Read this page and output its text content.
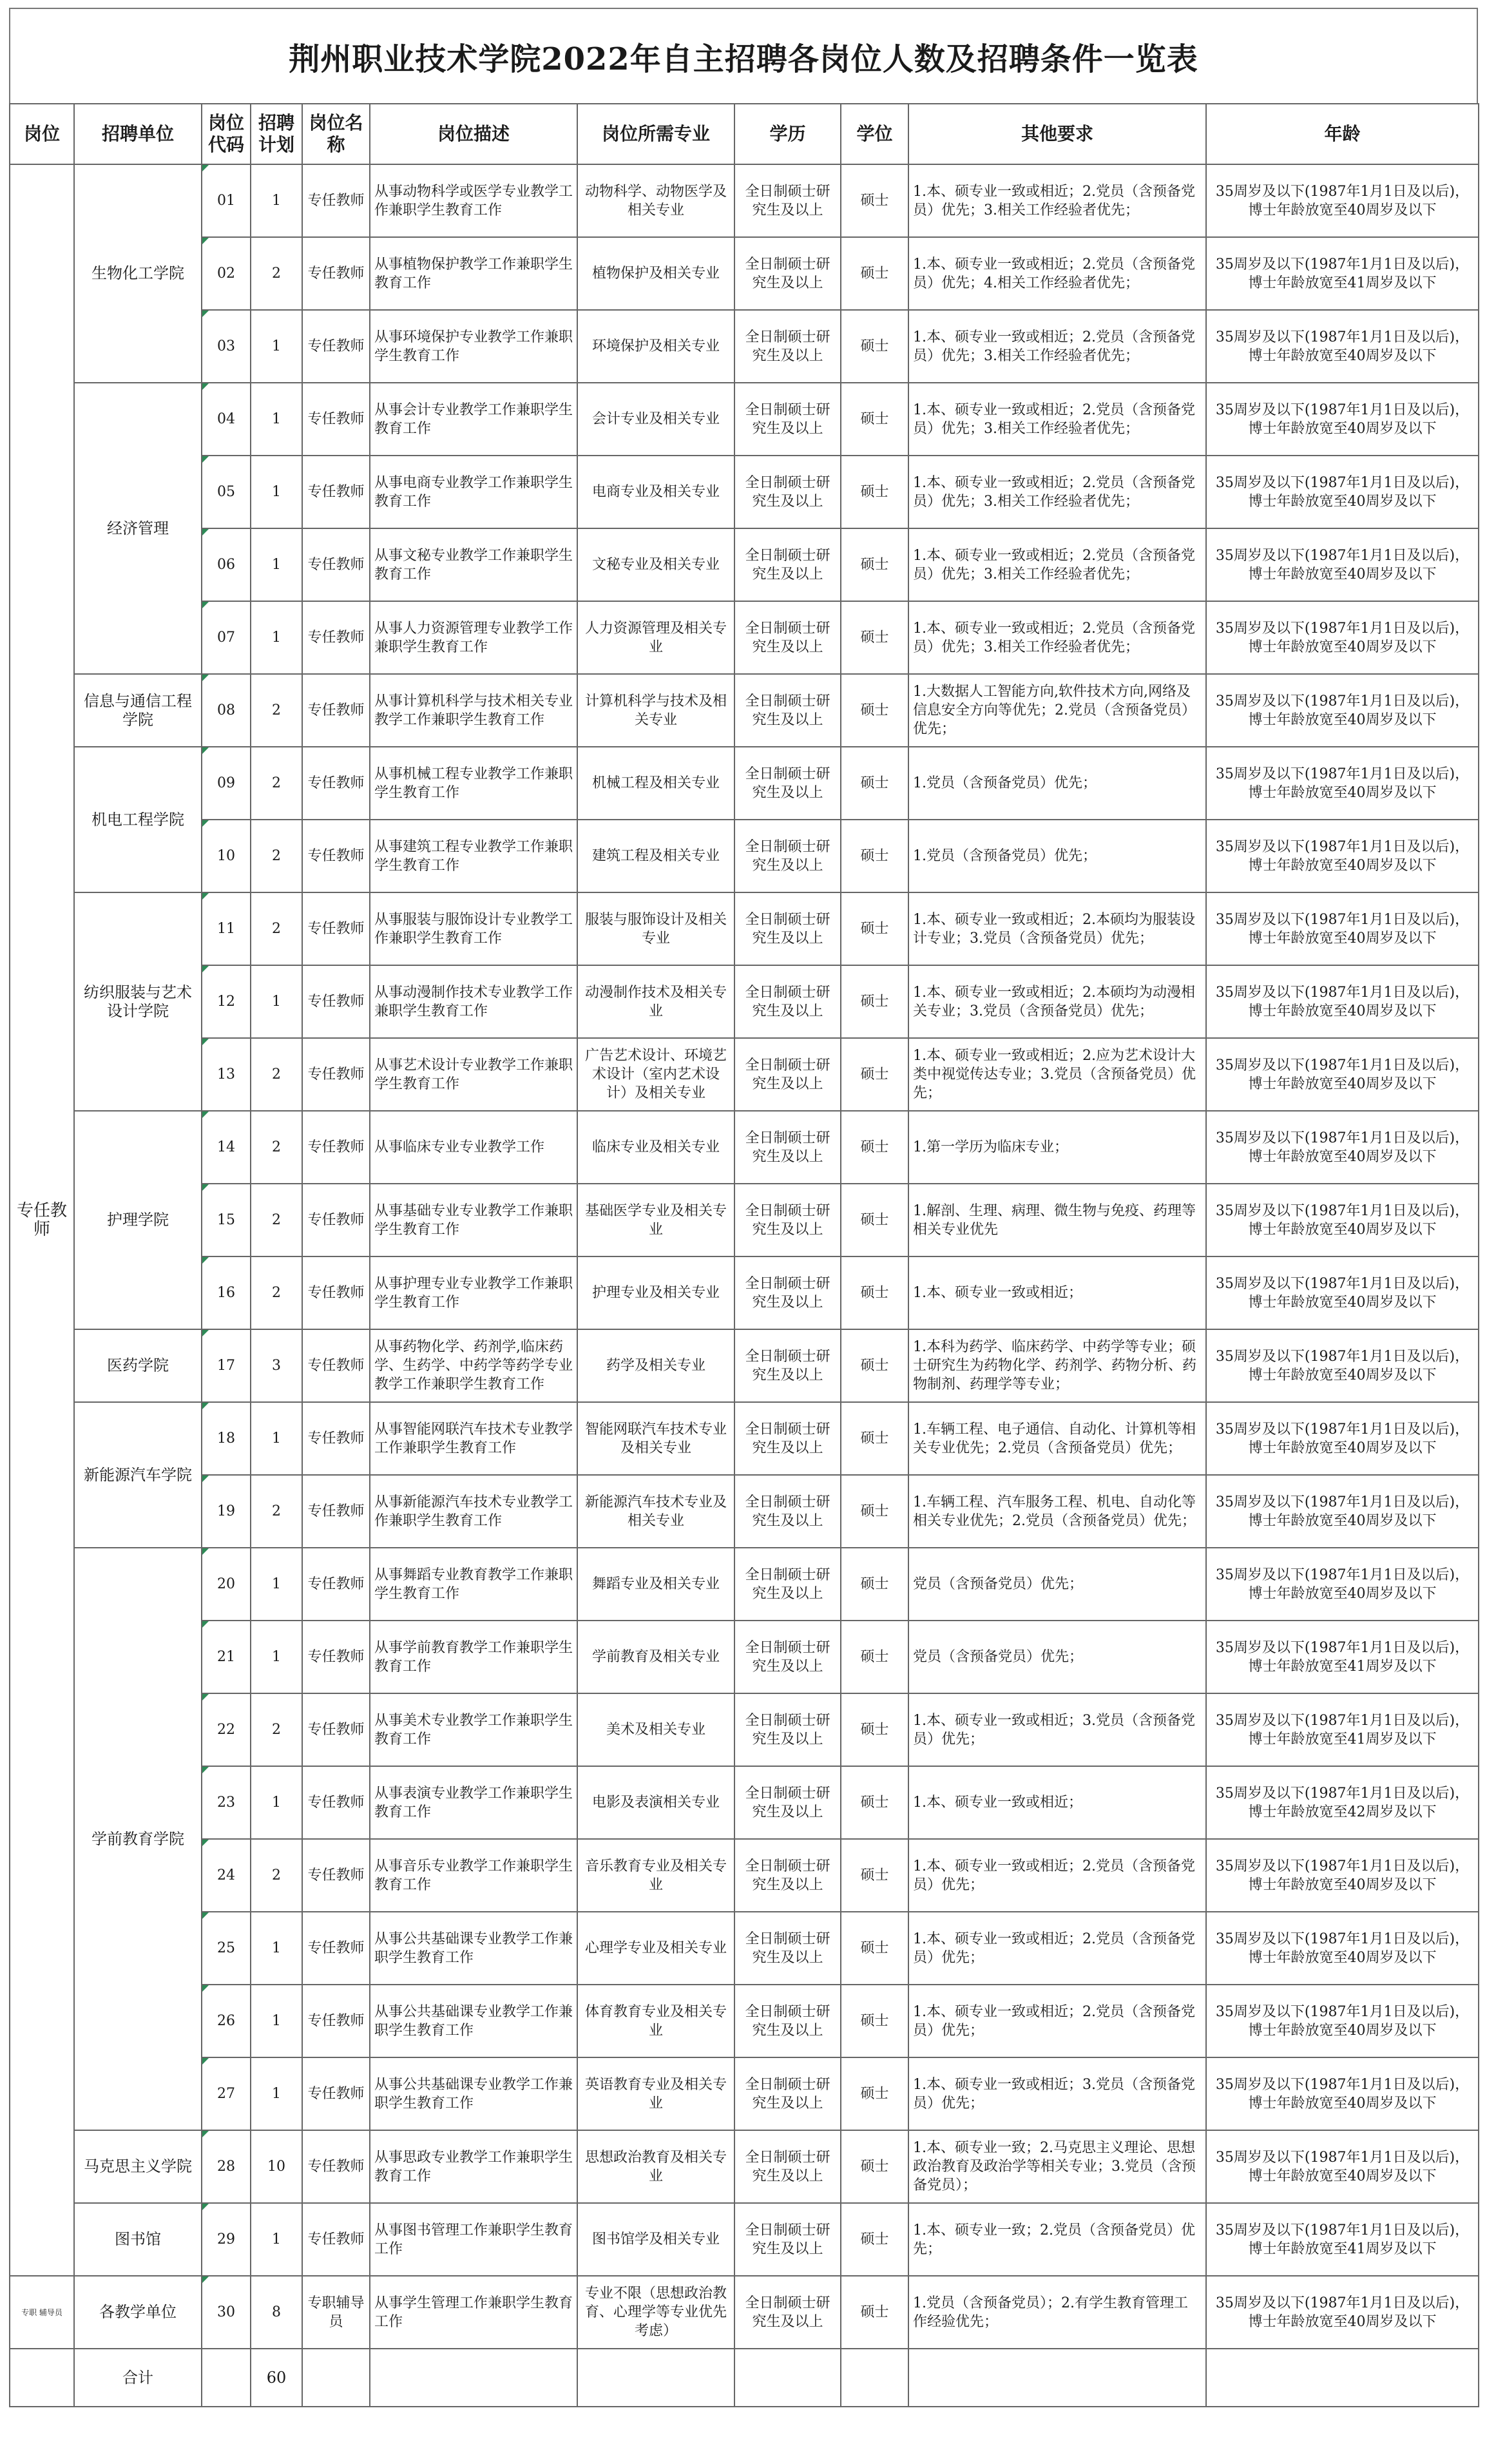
荆州职业技术学院2022年自主招聘各岗位人数及招聘条件一览表
岗位	招聘单位	岗位代码	招聘计划	岗位名称	岗位描述	岗位所需专业	学历	学位	其他要求	年龄
专任教师	生物化工学院	01	1	专任教师	从事动物科学或医学专业教学工作兼职学生教育工作	动物科学、动物医学及相关专业	全日制硕士研究生及以上	硕士	1.本、硕专业一致或相近；2.党员（含预备党员）优先；3.相关工作经验者优先；	35周岁及以下(1987年1月1日及以后)，博士年龄放宽至40周岁及以下
		02	2	专任教师	从事植物保护教学工作兼职学生教育工作	植物保护及相关专业	全日制硕士研究生及以上	硕士	1.本、硕专业一致或相近；2.党员（含预备党员）优先；4.相关工作经验者优先；	35周岁及以下(1987年1月1日及以后)，博士年龄放宽至41周岁及以下
		03	1	专任教师	从事环境保护专业教学工作兼职学生教育工作	环境保护及相关专业	全日制硕士研究生及以上	硕士	1.本、硕专业一致或相近；2.党员（含预备党员）优先；3.相关工作经验者优先；	35周岁及以下(1987年1月1日及以后)，博士年龄放宽至40周岁及以下
	经济管理	04	1	专任教师	从事会计专业教学工作兼职学生教育工作	会计专业及相关专业	全日制硕士研究生及以上	硕士	1.本、硕专业一致或相近；2.党员（含预备党员）优先；3.相关工作经验者优先；	35周岁及以下(1987年1月1日及以后)，博士年龄放宽至40周岁及以下
		05	1	专任教师	从事电商专业教学工作兼职学生教育工作	电商专业及相关专业	全日制硕士研究生及以上	硕士	1.本、硕专业一致或相近；2.党员（含预备党员）优先；3.相关工作经验者优先；	35周岁及以下(1987年1月1日及以后)，博士年龄放宽至40周岁及以下
		06	1	专任教师	从事文秘专业教学工作兼职学生教育工作	文秘专业及相关专业	全日制硕士研究生及以上	硕士	1.本、硕专业一致或相近；2.党员（含预备党员）优先；3.相关工作经验者优先；	35周岁及以下(1987年1月1日及以后)，博士年龄放宽至40周岁及以下
		07	1	专任教师	从事人力资源管理专业教学工作兼职学生教育工作	人力资源管理及相关专业	全日制硕士研究生及以上	硕士	1.本、硕专业一致或相近；2.党员（含预备党员）优先；3.相关工作经验者优先；	35周岁及以下(1987年1月1日及以后)，博士年龄放宽至40周岁及以下
	信息与通信工程学院	08	2	专任教师	从事计算机科学与技术相关专业教学工作兼职学生教育工作	计算机科学与技术及相关专业	全日制硕士研究生及以上	硕士	1.大数据人工智能方向,软件技术方向,网络及信息安全方向等优先；2.党员（含预备党员）优先；	35周岁及以下(1987年1月1日及以后)，博士年龄放宽至40周岁及以下
	机电工程学院	09	2	专任教师	从事机械工程专业教学工作兼职学生教育工作	机械工程及相关专业	全日制硕士研究生及以上	硕士	1.党员（含预备党员）优先；	35周岁及以下(1987年1月1日及以后)，博士年龄放宽至40周岁及以下
		10	2	专任教师	从事建筑工程专业教学工作兼职学生教育工作	建筑工程及相关专业	全日制硕士研究生及以上	硕士	1.党员（含预备党员）优先；	35周岁及以下(1987年1月1日及以后)，博士年龄放宽至40周岁及以下
	纺织服装与艺术设计学院	11	2	专任教师	从事服装与服饰设计专业教学工作兼职学生教育工作	服装与服饰设计及相关专业	全日制硕士研究生及以上	硕士	1.本、硕专业一致或相近；2.本硕均为服装设计专业；3.党员（含预备党员）优先；	35周岁及以下(1987年1月1日及以后)，博士年龄放宽至40周岁及以下
		12	1	专任教师	从事动漫制作技术专业教学工作兼职学生教育工作	动漫制作技术及相关专业	全日制硕士研究生及以上	硕士	1.本、硕专业一致或相近；2.本硕均为动漫相关专业；3.党员（含预备党员）优先；	35周岁及以下(1987年1月1日及以后)，博士年龄放宽至40周岁及以下
		13	2	专任教师	从事艺术设计专业教学工作兼职学生教育工作	广告艺术设计、环境艺术设计（室内艺术设计）及相关专业	全日制硕士研究生及以上	硕士	1.本、硕专业一致或相近；2.应为艺术设计大类中视觉传达专业；3.党员（含预备党员）优先；	35周岁及以下(1987年1月1日及以后)，博士年龄放宽至40周岁及以下
	护理学院	14	2	专任教师	从事临床专业专业教学工作	临床专业及相关专业	全日制硕士研究生及以上	硕士	1.第一学历为临床专业；	35周岁及以下(1987年1月1日及以后)，博士年龄放宽至40周岁及以下
		15	2	专任教师	从事基础专业专业教学工作兼职学生教育工作	基础医学专业及相关专业	全日制硕士研究生及以上	硕士	1.解剖、生理、病理、微生物与免疫、药理等相关专业优先	35周岁及以下(1987年1月1日及以后)，博士年龄放宽至40周岁及以下
		16	2	专任教师	从事护理专业专业教学工作兼职学生教育工作	护理专业及相关专业	全日制硕士研究生及以上	硕士	1.本、硕专业一致或相近；	35周岁及以下(1987年1月1日及以后)，博士年龄放宽至40周岁及以下
	医药学院	17	3	专任教师	从事药物化学、药剂学,临床药学、生药学、中药学等药学专业教学工作兼职学生教育工作	药学及相关专业	全日制硕士研究生及以上	硕士	1.本科为药学、临床药学、中药学等专业；硕士研究生为药物化学、药剂学、药物分析、药物制剂、药理学等专业；	35周岁及以下(1987年1月1日及以后)，博士年龄放宽至40周岁及以下
	新能源汽车学院	18	1	专任教师	从事智能网联汽车技术专业教学工作兼职学生教育工作	智能网联汽车技术专业及相关专业	全日制硕士研究生及以上	硕士	1.车辆工程、电子通信、自动化、计算机等相关专业优先；2.党员（含预备党员）优先；	35周岁及以下(1987年1月1日及以后)，博士年龄放宽至40周岁及以下
		19	2	专任教师	从事新能源汽车技术专业教学工作兼职学生教育工作	新能源汽车技术专业及相关专业	全日制硕士研究生及以上	硕士	1.车辆工程、汽车服务工程、机电、自动化等相关专业优先；2.党员（含预备党员）优先；	35周岁及以下(1987年1月1日及以后)，博士年龄放宽至40周岁及以下
	学前教育学院	20	1	专任教师	从事舞蹈专业教育教学工作兼职学生教育工作	舞蹈专业及相关专业	全日制硕士研究生及以上	硕士	党员（含预备党员）优先；	35周岁及以下(1987年1月1日及以后)，博士年龄放宽至40周岁及以下
		21	1	专任教师	从事学前教育教学工作兼职学生教育工作	学前教育及相关专业	全日制硕士研究生及以上	硕士	党员（含预备党员）优先；	35周岁及以下(1987年1月1日及以后)，博士年龄放宽至41周岁及以下
		22	2	专任教师	从事美术专业教学工作兼职学生教育工作	美术及相关专业	全日制硕士研究生及以上	硕士	1.本、硕专业一致或相近；3.党员（含预备党员）优先；	35周岁及以下(1987年1月1日及以后)，博士年龄放宽至41周岁及以下
		23	1	专任教师	从事表演专业教学工作兼职学生教育工作	电影及表演相关专业	全日制硕士研究生及以上	硕士	1.本、硕专业一致或相近；	35周岁及以下(1987年1月1日及以后)，博士年龄放宽至42周岁及以下
		24	2	专任教师	从事音乐专业教学工作兼职学生教育工作	音乐教育专业及相关专业	全日制硕士研究生及以上	硕士	1.本、硕专业一致或相近；2.党员（含预备党员）优先；	35周岁及以下(1987年1月1日及以后)，博士年龄放宽至40周岁及以下
		25	1	专任教师	从事公共基础课专业教学工作兼职学生教育工作	心理学专业及相关专业	全日制硕士研究生及以上	硕士	1.本、硕专业一致或相近；2.党员（含预备党员）优先；	35周岁及以下(1987年1月1日及以后)，博士年龄放宽至40周岁及以下
		26	1	专任教师	从事公共基础课专业教学工作兼职学生教育工作	体育教育专业及相关专业	全日制硕士研究生及以上	硕士	1.本、硕专业一致或相近；2.党员（含预备党员）优先；	35周岁及以下(1987年1月1日及以后)，博士年龄放宽至40周岁及以下
		27	1	专任教师	从事公共基础课专业教学工作兼职学生教育工作	英语教育专业及相关专业	全日制硕士研究生及以上	硕士	1.本、硕专业一致或相近；3.党员（含预备党员）优先；	35周岁及以下(1987年1月1日及以后)，博士年龄放宽至40周岁及以下
	马克思主义学院	28	10	专任教师	从事思政专业教学工作兼职学生教育工作	思想政治教育及相关专业	全日制硕士研究生及以上	硕士	1.本、硕专业一致；2.马克思主义理论、思想政治教育及政治学等相关专业；3.党员（含预备党员）；	35周岁及以下(1987年1月1日及以后)，博士年龄放宽至40周岁及以下
	图书馆	29	1	专任教师	从事图书管理工作兼职学生教育工作	图书馆学及相关专业	全日制硕士研究生及以上	硕士	1.本、硕专业一致；2.党员（含预备党员）优先；	35周岁及以下(1987年1月1日及以后)，博士年龄放宽至41周岁及以下
专职 辅导员	各教学单位	30	8	专职辅导员	从事学生管理工作兼职学生教育工作	专业不限（思想政治教育、心理学等专业优先考虑）	全日制硕士研究生及以上	硕士	1.党员（含预备党员）；2.有学生教育管理工作经验优先；	35周岁及以下(1987年1月1日及以后)，博士年龄放宽至40周岁及以下
	合计		60							
